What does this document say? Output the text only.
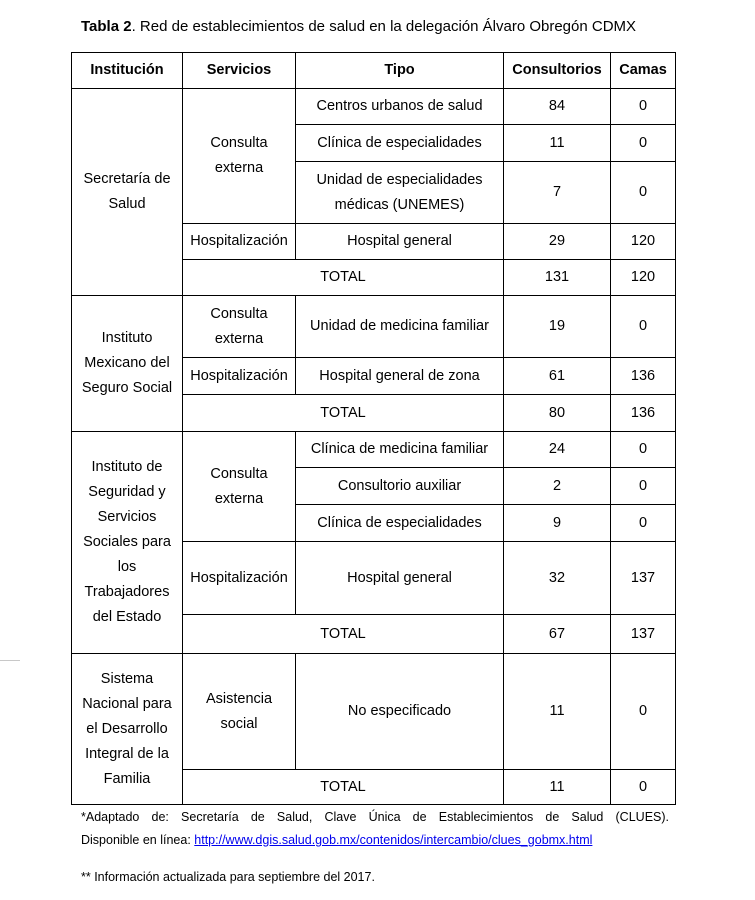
Tabla 2. Red de establecimientos de salud en la delegación Álvaro Obregón CDMX
Institución	Servicios	Tipo	Consultorios	Camas
Secretaría de Salud	Consulta externa	Centros urbanos de salud	84	0
		Clínica de especialidades	11	0
		Unidad de especialidades médicas (UNEMES)	7	0
	Hospitalización	Hospital general	29	120
	TOTAL		131	120

Instituto Mexicano del Seguro Social	Consulta externa	Unidad de medicina familiar	19	0
	Hospitalización	Hospital general de zona	61	136
	TOTAL		80	136
Instituto de Seguridad y Servicios Sociales para los Trabajadores del Estado	Consulta externa	Clínica de medicina familiar	24	0
		Consultorio auxiliar	2	0
		Clínica de especialidades	9	0
	Hospitalización	Hospital general	32	137
	TOTAL		67	137
Sistema Nacional para el Desarrollo Integral de la Familia	Asistencia social	No especificado	11	0
	TOTAL		11	0
*Adaptado de: Secretaría de Salud, Clave Única de Establecimientos de Salud (CLUES).
Disponible en línea: http://www.dgis.salud.gob.mx/contenidos/intercambio/clues_gobmx.html
** Información actualizada para septiembre del 2017.
